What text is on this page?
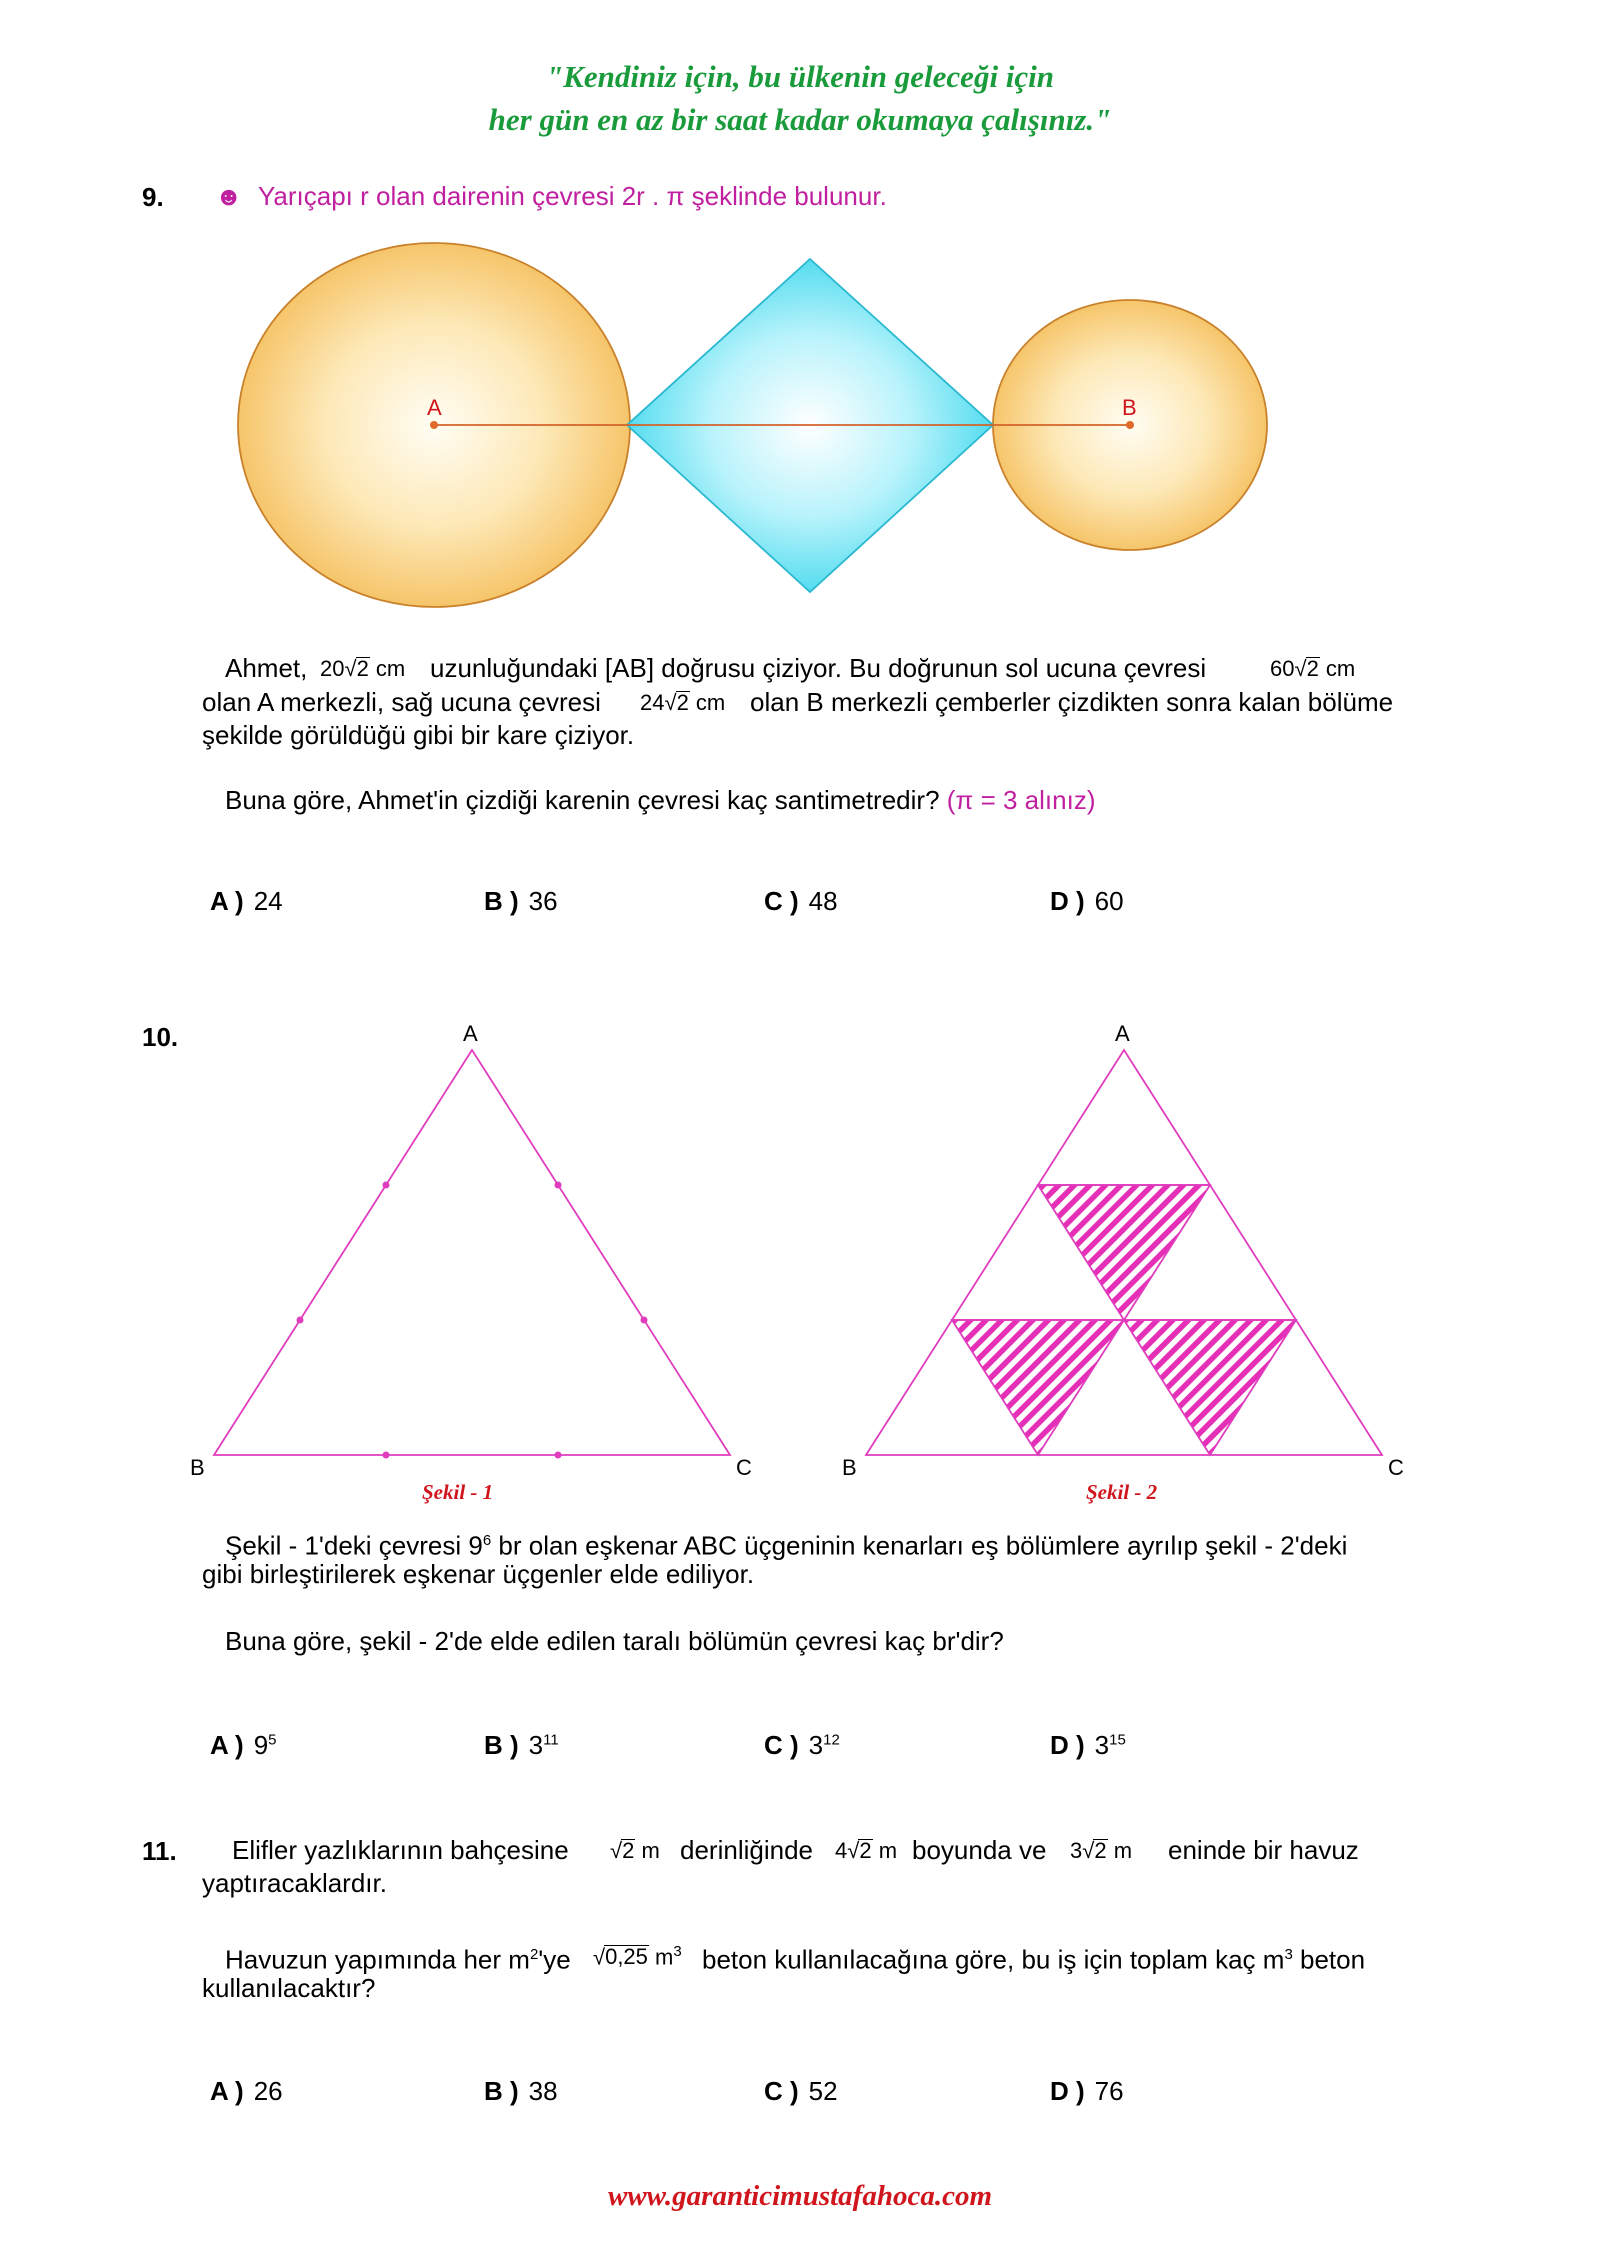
"Kendiniz için, bu ülkenin geleceği için
her gün en az bir saat kadar okumaya çalışınız."
9. ☻ Yarıçapı r olan dairenin çevresi 2r . π şeklinde bulunur.
A	B
Ahmet, 20√2 cm uzunluğundaki [AB] doğrusu çiziyor. Bu doğrunun sol ucuna çevresi	60√2 cm
olan A merkezli, sağ ucuna çevresi 24√2 cm olan B merkezli çemberler çizdikten sonra kalan bölüme
şekilde görüldüğü gibi bir kare çiziyor.
Buna göre, Ahmet'in çizdiği karenin çevresi kaç santimetredir? (π = 3 alınız)
A ) 24	B ) 36	C ) 48	D ) 60
10.	A
B	C
Şekil - 1
A
B	C
Şekil - 2
Şekil - 1'deki çevresi $9^6$ br olan eşkenar ABC üçgeninin kenarları eş bölümlere ayrılıp şekil - 2'deki
gibi birleştirilerek eşkenar üçgenler elde ediliyor.
Buna göre, şekil - 2'de elde edilen taralı bölümün çevresi kaç br'dir?
A ) $9^5$	B ) $3^{11}$	C ) $3^{12}$	D ) $3^{15}$
11. Elifler yazlıklarının bahçesine √2 m derinliğinde 4√2 m boyunda ve 3√2 m eninde bir havuz
yaptıracaklardır.
Havuzun yapımında her $m^2'ye$ √0,25 $m^3$ beton kullanılacağına göre, bu iş için toplam kaç $m^3$ beton
kullanılacaktır?
A ) 26	B ) 38	C ) 52	D ) 76
www.garanticimustafahoca.com
